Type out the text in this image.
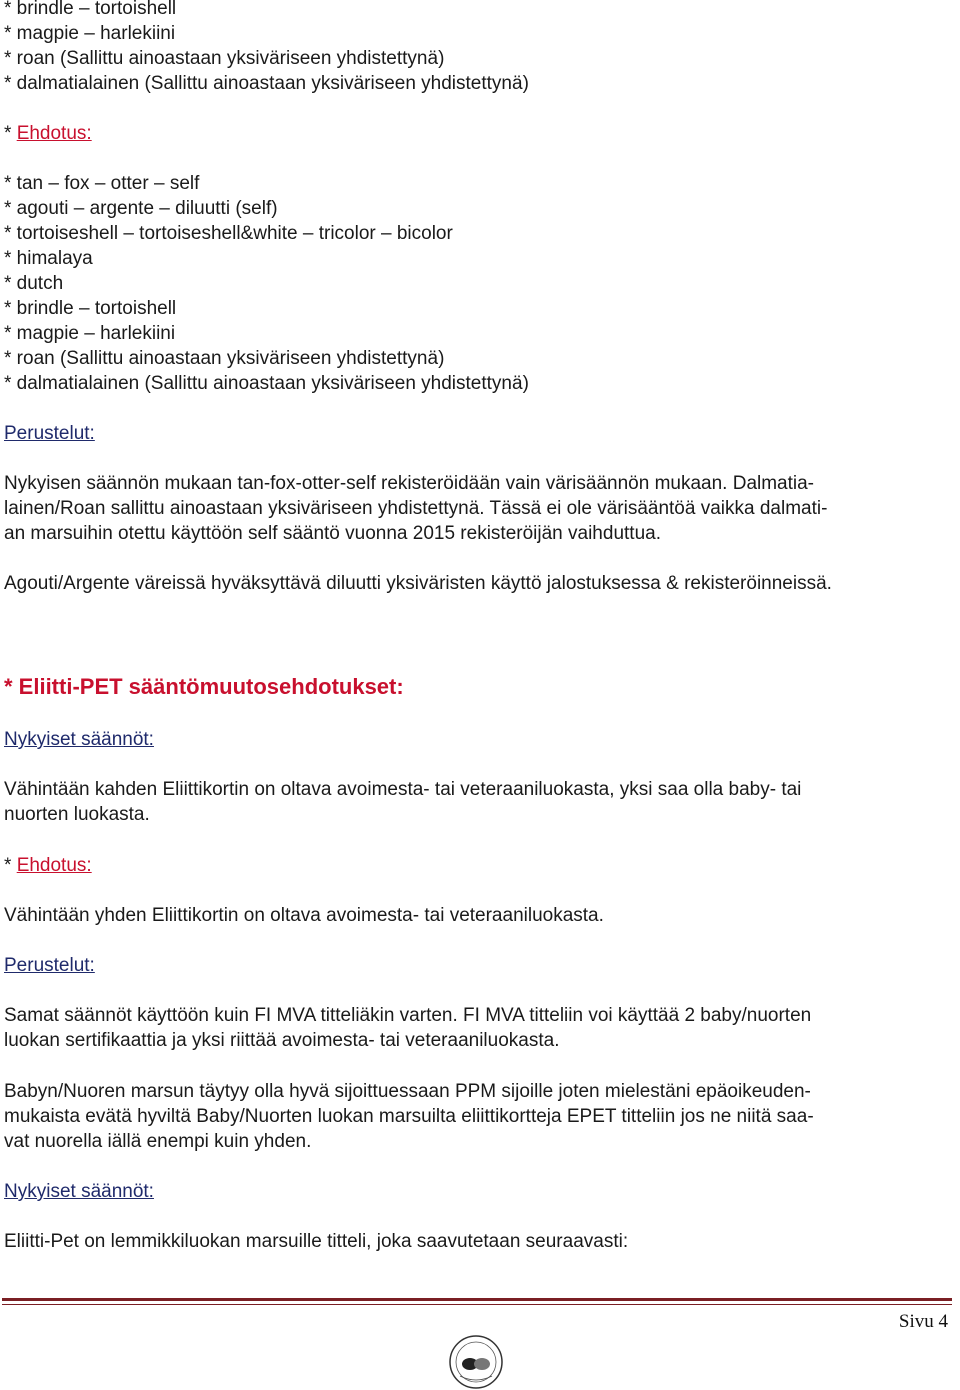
* brindle – tortoishell
* magpie – harlekiini
* roan (Sallittu ainoastaan yksiväriseen yhdistettynä)
* dalmatialainen (Sallittu ainoastaan yksiväriseen yhdistettynä)
* Ehdotus:
* tan – fox – otter – self
* agouti – argente – diluutti (self)
* tortoiseshell – tortoiseshell&white – tricolor – bicolor
* himalaya
* dutch
* brindle – tortoishell
* magpie – harlekiini
* roan (Sallittu ainoastaan yksiväriseen yhdistettynä)
* dalmatialainen (Sallittu ainoastaan yksiväriseen yhdistettynä)
Perustelut:
Nykyisen säännön mukaan tan-fox-otter-self rekisteröidään vain värisäännön mukaan. Dalmatia-
lainen/Roan sallittu ainoastaan yksiväriseen yhdistettynä. Tässä ei ole värisääntöä vaikka dalmati-
an marsuihin otettu käyttöön self sääntö vuonna 2015 rekisteröijän vaihduttua.
Agouti/Argente väreissä hyväksyttävä diluutti yksiväristen käyttö jalostuksessa & rekisteröinneissä.
* Eliitti-PET sääntömuutosehdotukset:
Nykyiset säännöt:
Vähintään kahden Eliittikortin on oltava avoimesta- tai veteraaniluokasta, yksi saa olla baby- tai
nuorten luokasta.
* Ehdotus:
Vähintään yhden Eliittikortin on oltava avoimesta- tai veteraaniluokasta.
Perustelut:
Samat säännöt käyttöön kuin FI MVA titteliäkin varten. FI MVA titteliin voi käyttää 2 baby/nuorten
luokan sertifikaattia ja yksi riittää avoimesta- tai veteraaniluokasta.
Babyn/Nuoren marsun täytyy olla hyvä sijoittuessaan PPM sijoille joten mielestäni epäoikeuden-
mukaista evätä hyviltä Baby/Nuorten luokan marsuilta eliittikortteja EPET titteliin jos ne niitä saa-
vat nuorella iällä enempi kuin yhden.
Nykyiset säännöt:
Eliitti-Pet on lemmikkiluokan marsuille titteli, joka saavutetaan seuraavasti:
Sivu 4
